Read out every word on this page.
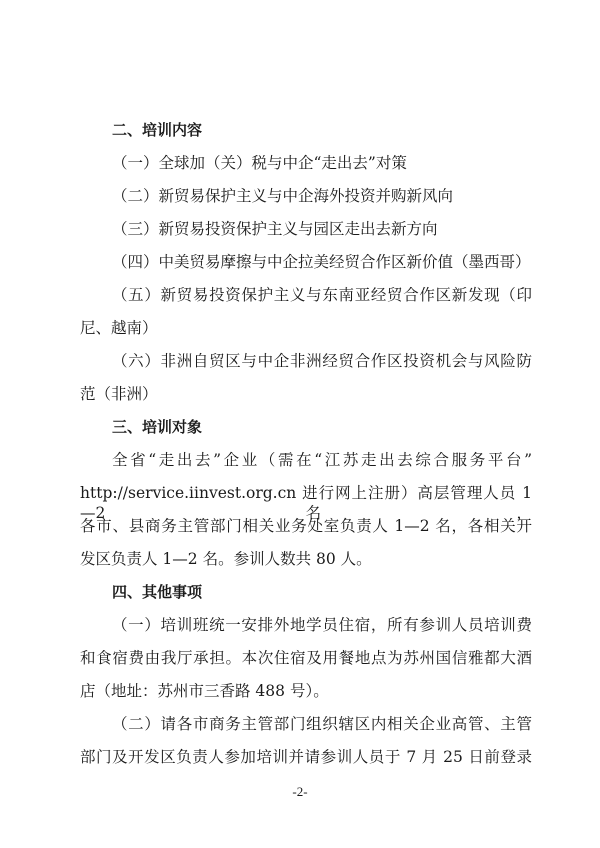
二、培训内容
（一）全球加（关）税与中企“走出去”对策
（二）新贸易保护主义与中企海外投资并购新风向
（三）新贸易投资保护主义与园区走出去新方向
（四）中美贸易摩擦与中企拉美经贸合作区新价值（墨西哥）
（五）新贸易投资保护主义与东南亚经贸合作区新发现（印
尼、越南）
（六）非洲自贸区与中企非洲经贸合作区投资机会与风险防
范（非洲）
三、培训对象
全省“走出去”企业（需在“江苏走出去综合服务平台”
http://service.iinvest.org.cn 进行网上注册）高层管理人员 1—2 名，
各市、县商务主管部门相关业务处室负责人 1—2 名，各相关开
发区负责人 1—2 名。参训人数共 80 人。
四、其他事项
（一）培训班统一安排外地学员住宿，所有参训人员培训费
和食宿费由我厅承担。本次住宿及用餐地点为苏州国信雅都大酒
店（地址：苏州市三香路 488 号）。
（二）请各市商务主管部门组织辖区内相关企业高管、主管
部门及开发区负责人参加培训并请参训人员于 7 月 25 日前登录
-2-
